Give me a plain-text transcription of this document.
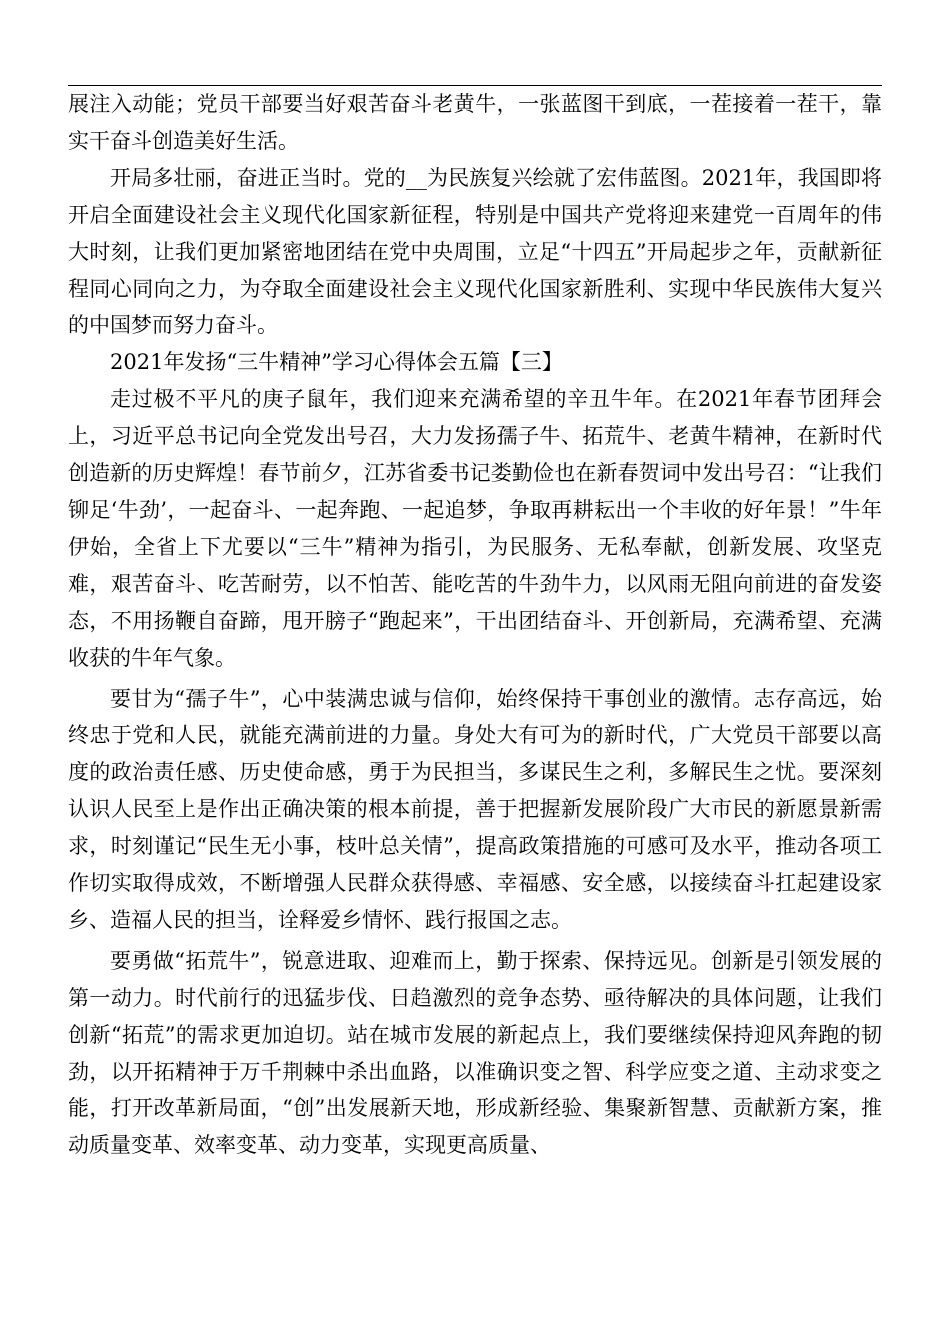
展注入动能；党员干部要当好艰苦奋斗老黄牛，一张蓝图干到底，一茬接着一茬干，靠实干奋斗创造美好生活。

开局多壮丽，奋进正当时。党的__为民族复兴绘就了宏伟蓝图。2021年，我国即将开启全面建设社会主义现代化国家新征程，特别是中国共产党将迎来建党一百周年的伟大时刻，让我们更加紧密地团结在党中央周围，立足“十四五”开局起步之年，贡献新征程同心同向之力，为夺取全面建设社会主义现代化国家新胜利、实现中华民族伟大复兴的中国梦而努力奋斗。

2021年发扬“三牛精神”学习心得体会五篇【三】

走过极不平凡的庚子鼠年，我们迎来充满希望的辛丑牛年。在2021年春节团拜会上，习近平总书记向全党发出号召，大力发扬孺子牛、拓荒牛、老黄牛精神，在新时代创造新的历史辉煌！春节前夕，江苏省委书记娄勤俭也在新春贺词中发出号召：“让我们铆足‘牛劲’，一起奋斗、一起奔跑、一起追梦，争取再耕耘出一个丰收的好年景！”牛年伊始，全省上下尤要以“三牛”精神为指引，为民服务、无私奉献，创新发展、攻坚克难，艰苦奋斗、吃苦耐劳，以不怕苦、能吃苦的牛劲牛力，以风雨无阻向前进的奋发姿态，不用扬鞭自奋蹄，甩开膀子“跑起来”，干出团结奋斗、开创新局，充满希望、充满收获的牛年气象。

要甘为“孺子牛”，心中装满忠诚与信仰，始终保持干事创业的激情。志存高远，始终忠于党和人民，就能充满前进的力量。身处大有可为的新时代，广大党员干部要以高度的政治责任感、历史使命感，勇于为民担当，多谋民生之利，多解民生之忧。要深刻认识人民至上是作出正确决策的根本前提，善于把握新发展阶段广大市民的新愿景新需求，时刻谨记“民生无小事，枝叶总关情”，提高政策措施的可感可及水平，推动各项工作切实取得成效，不断增强人民群众获得感、幸福感、安全感，以接续奋斗扛起建设家乡、造福人民的担当，诠释爱乡情怀、践行报国之志。

要勇做“拓荒牛”，锐意进取、迎难而上，勤于探索、保持远见。创新是引领发展的第一动力。时代前行的迅猛步伐、日趋激烈的竞争态势、亟待解决的具体问题，让我们创新“拓荒”的需求更加迫切。站在城市发展的新起点上，我们要继续保持迎风奔跑的韧劲，以开拓精神于万千荆棘中杀出血路，以准确识变之智、科学应变之道、主动求变之能，打开改革新局面，“创”出发展新天地，形成新经验、集聚新智慧、贡献新方案，推动质量变革、效率变革、动力变革，实现更高质量、
